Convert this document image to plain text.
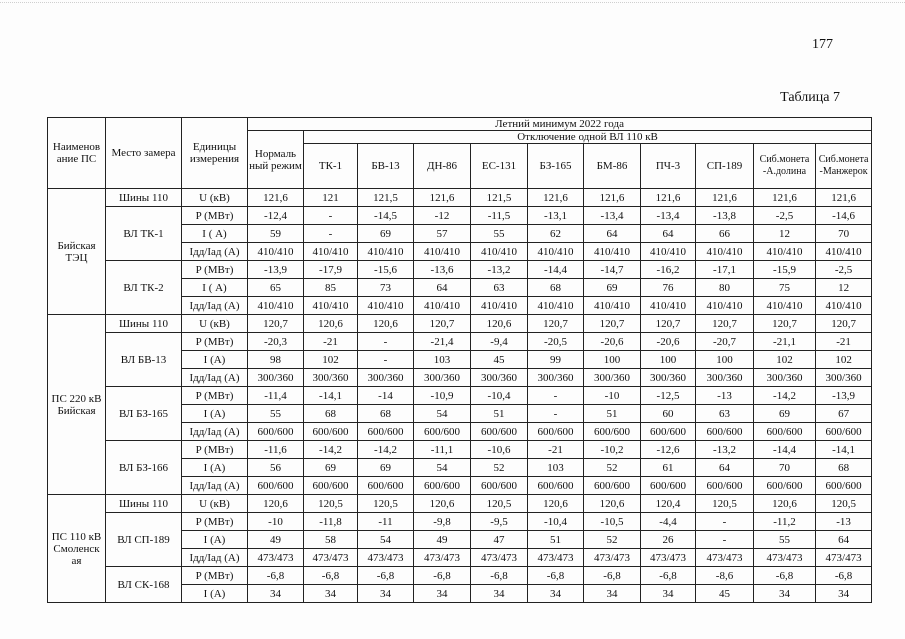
177
Таблица 7
Наименов ание ПС	Место замера	Единицы измерения	Летний минимум 2022 года										
			Нормаль ный режим	Отключение одной ВЛ 110 кВ									
				ТК-1	БВ-13	ДН-86	ЕС-131	БЗ-165	БМ-86	ПЧ-3	СП-189	Сиб.монета -А.долина	Сиб.монета -Манжерок
Бийская ТЭЦ	Шины 110	U (кВ)	121,6	121	121,5	121,6	121,5	121,6	121,6	121,6	121,6	121,6	121,6
	ВЛ ТК-1	P (МВт)	-12,4	-	-14,5	-12	-11,5	-13,1	-13,4	-13,4	-13,8	-2,5	-14,6
		I ( А)	59	-	69	57	55	62	64	64	66	12	70
		Iдд/Iад (А)	410/410	410/410	410/410	410/410	410/410	410/410	410/410	410/410	410/410	410/410	410/410
	ВЛ ТК-2	P (МВт)	-13,9	-17,9	-15,6	-13,6	-13,2	-14,4	-14,7	-16,2	-17,1	-15,9	-2,5
		I ( А)	65	85	73	64	63	68	69	76	80	75	12
		Iдд/Iад (А)	410/410	410/410	410/410	410/410	410/410	410/410	410/410	410/410	410/410	410/410	410/410
ПС 220 кВ Бийская	Шины 110	U (кВ)	120,7	120,6	120,6	120,7	120,6	120,7	120,7	120,7	120,7	120,7	120,7
	ВЛ БВ-13	P (МВт)	-20,3	-21	-	-21,4	-9,4	-20,5	-20,6	-20,6	-20,7	-21,1	-21
		I (А)	98	102	-	103	45	99	100	100	100	102	102
		Iдд/Iад (А)	300/360	300/360	300/360	300/360	300/360	300/360	300/360	300/360	300/360	300/360	300/360
	ВЛ БЗ-165	P (МВт)	-11,4	-14,1	-14	-10,9	-10,4	-	-10	-12,5	-13	-14,2	-13,9
		I (А)	55	68	68	54	51	-	51	60	63	69	67
		Iдд/Iад (А)	600/600	600/600	600/600	600/600	600/600	600/600	600/600	600/600	600/600	600/600	600/600
	ВЛ БЗ-166	P (МВт)	-11,6	-14,2	-14,2	-11,1	-10,6	-21	-10,2	-12,6	-13,2	-14,4	-14,1
		I (А)	56	69	69	54	52	103	52	61	64	70	68
		Iдд/Iад (А)	600/600	600/600	600/600	600/600	600/600	600/600	600/600	600/600	600/600	600/600	600/600
ПС 110 кВ Смоленск ая	Шины 110	U (кВ)	120,6	120,5	120,5	120,6	120,5	120,6	120,6	120,4	120,5	120,6	120,5
	ВЛ СП-189	P (МВт)	-10	-11,8	-11	-9,8	-9,5	-10,4	-10,5	-4,4	-	-11,2	-13
		I (А)	49	58	54	49	47	51	52	26	-	55	64
		Iдд/Iад (А)	473/473	473/473	473/473	473/473	473/473	473/473	473/473	473/473	473/473	473/473	473/473
	ВЛ СК-168	P (МВт)	-6,8	-6,8	-6,8	-6,8	-6,8	-6,8	-6,8	-6,8	-8,6	-6,8	-6,8
		I (А)	34	34	34	34	34	34	34	34	45	34	34
